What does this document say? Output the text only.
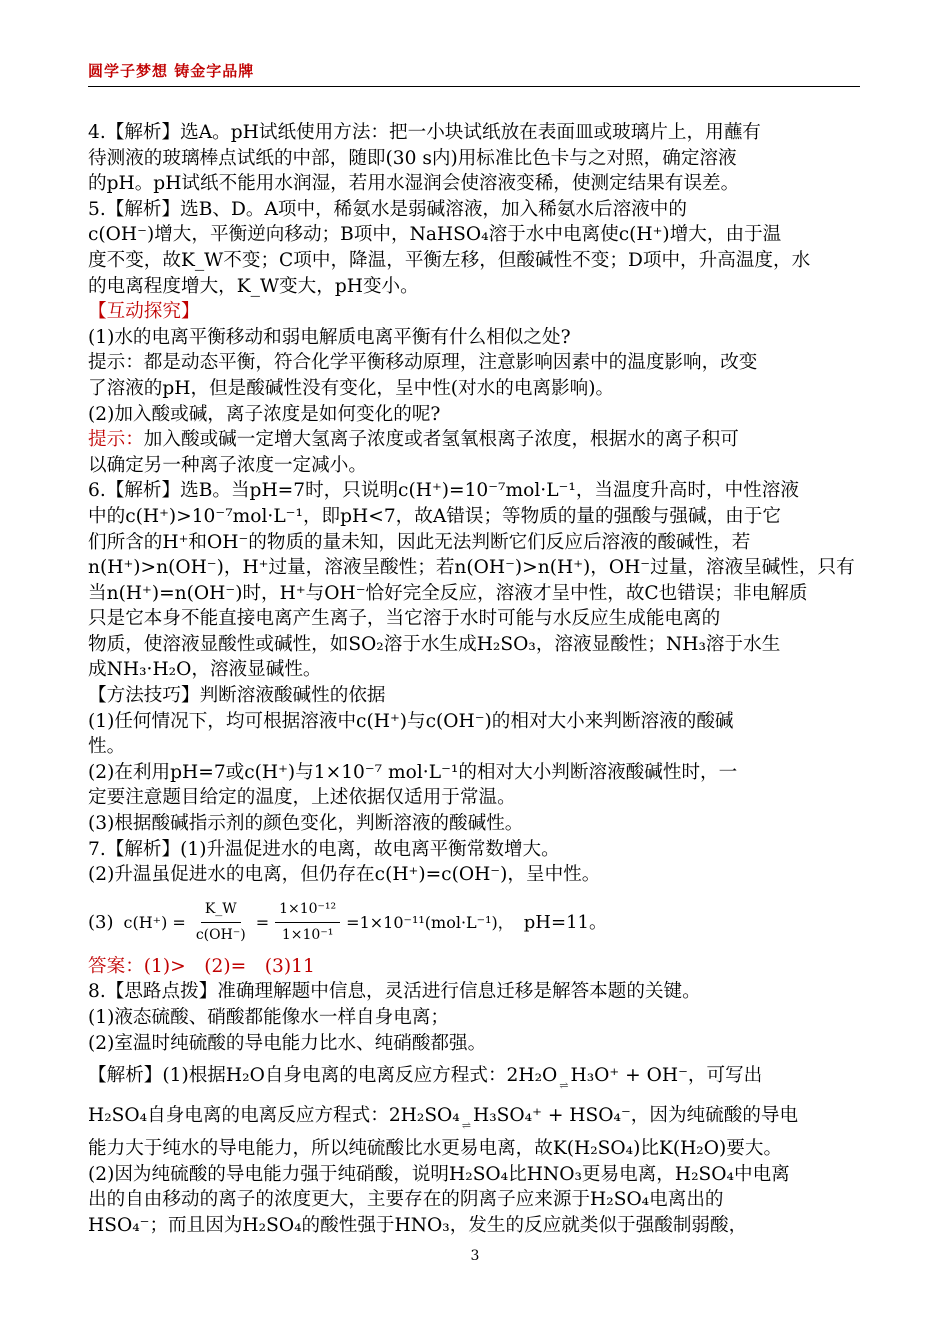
圆学子梦想 铸金字品牌

4.【解析】选A。pH试纸使用方法：把一小块试纸放在表面皿或玻璃片上，用蘸有

待测液的玻璃棒点试纸的中部，随即(30 s内)用标准比色卡与之对照，确定溶液

的pH。pH试纸不能用水润湿，若用水湿润会使溶液变稀，使测定结果有误差。

5.【解析】选B、D。A项中，稀氨水是弱碱溶液，加入稀氨水后溶液中的

c(OH⁻)增大，平衡逆向移动；B项中，NaHSO₄溶于水中电离使c(H⁺)增大，由于温

度不变，故K_W不变；C项中，降温，平衡左移，但酸碱性不变；D项中，升高温度，水

的电离程度增大，K_W变大，pH变小。

【互动探究】

(1)水的电离平衡移动和弱电解质电离平衡有什么相似之处?

提示：都是动态平衡，符合化学平衡移动原理，注意影响因素中的温度影响，改变

了溶液的pH，但是酸碱性没有变化，呈中性(对水的电离影响)。

(2)加入酸或碱，离子浓度是如何变化的呢?

提示：加入酸或碱一定增大氢离子浓度或者氢氧根离子浓度，根据水的离子积可

以确定另一种离子浓度一定减小。

6.【解析】选B。当pH=7时，只说明c(H⁺)=10⁻⁷mol·L⁻¹，当温度升高时，中性溶液

中的c(H⁺)>10⁻⁷mol·L⁻¹，即pH<7，故A错误；等物质的量的强酸与强碱，由于它

们所含的H⁺和OH⁻的物质的量未知，因此无法判断它们反应后溶液的酸碱性，若

n(H⁺)>n(OH⁻)，H⁺过量，溶液呈酸性；若n(OH⁻)>n(H⁺)，OH⁻过量，溶液呈碱性，只有

当n(H⁺)=n(OH⁻)时，H⁺与OH⁻恰好完全反应，溶液才呈中性，故C也错误；非电解质

只是它本身不能直接电离产生离子，当它溶于水时可能与水反应生成能电离的

物质，使溶液显酸性或碱性，如SO₂溶于水生成H₂SO₃，溶液显酸性；NH₃溶于水生

成NH₃·H₂O，溶液显碱性。

【方法技巧】判断溶液酸碱性的依据

(1)任何情况下，均可根据溶液中c(H⁺)与c(OH⁻)的相对大小来判断溶液的酸碱

性。

(2)在利用pH=7或c(H⁺)与1×10⁻⁷ mol·L⁻¹的相对大小判断溶液酸碱性时，一

定要注意题目给定的温度，上述依据仅适用于常温。

(3)根据酸碱指示剂的颜色变化，判断溶液的酸碱性。

7.【解析】(1)升温促进水的电离，故电离平衡常数增大。

(2)升温虽促进水的电离，但仍存在c(H⁺)=c(OH⁻)，呈中性。

(3) $c(H^+) = \frac{K\_W}{c(OH^-)} = \frac{\text{1×10⁻¹²}}{\text{1×10⁻¹}} =1\times 10^{-11}(mol\cdot L^{-1})$， pH=11。

答案：(1)>　(2)=　(3)11

8.【思路点拨】准确理解题中信息，灵活进行信息迁移是解答本题的关键。

(1)液态硫酸、硝酸都能像水一样自身电离；

(2)室温时纯硫酸的导电能力比水、纯硝酸都强。

【解析】(1)根据H₂O自身电离的电离反应方程式：2H₂O ⇌ H₃O⁺ + OH⁻，可写出

H₂SO₄自身电离的电离反应方程式：2H₂SO₄ ⇌ H₃SO₄⁺ + HSO₄⁻，因为纯硫酸的导电

能力大于纯水的导电能力，所以纯硫酸比水更易电离，故K(H₂SO₄)比K(H₂O)要大。

(2)因为纯硫酸的导电能力强于纯硝酸，说明H₂SO₄比HNO₃更易电离，H₂SO₄中电离

出的自由移动的离子的浓度更大，主要存在的阴离子应来源于H₂SO₄电离出的

HSO₄⁻；而且因为H₂SO₄的酸性强于HNO₃，发生的反应就类似于强酸制弱酸，

3
